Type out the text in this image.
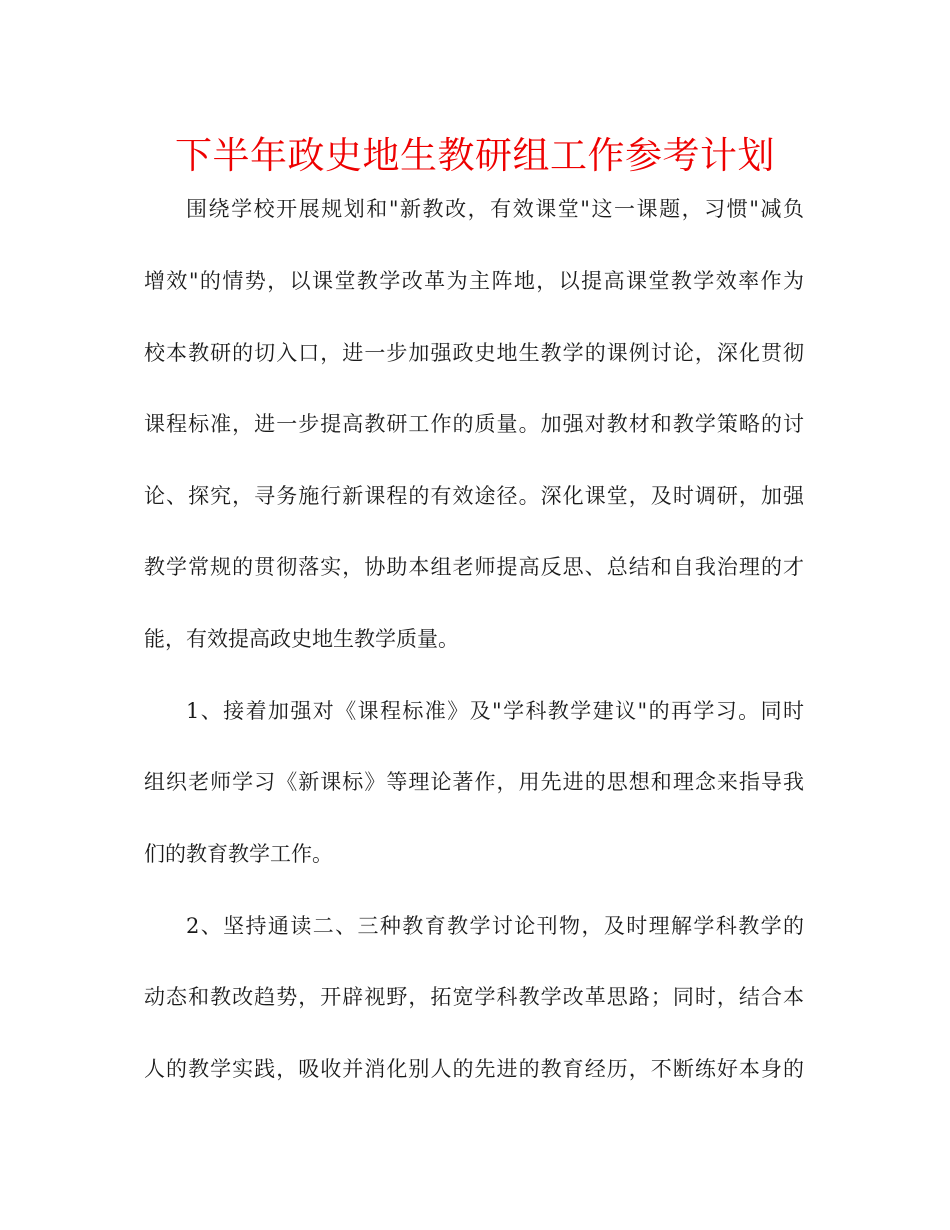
下半年政史地生教研组工作参考计划
围绕学校开展规划和"新教改，有效课堂"这一课题，习惯"减负
增效"的情势，以课堂教学改革为主阵地，以提高课堂教学效率作为
校本教研的切入口，进一步加强政史地生教学的课例讨论，深化贯彻
课程标准，进一步提高教研工作的质量。加强对教材和教学策略的讨
论、探究，寻务施行新课程的有效途径。深化课堂，及时调研，加强
教学常规的贯彻落实，协助本组老师提高反思、总结和自我治理的才
能，有效提高政史地生教学质量。
1、接着加强对《课程标准》及"学科教学建议"的再学习。同时
组织老师学习《新课标》等理论著作，用先进的思想和理念来指导我
们的教育教学工作。
2、坚持通读二、三种教育教学讨论刊物，及时理解学科教学的
动态和教改趋势，开辟视野，拓宽学科教学改革思路；同时，结合本
人的教学实践，吸收并消化别人的先进的教育经历，不断练好本身的
